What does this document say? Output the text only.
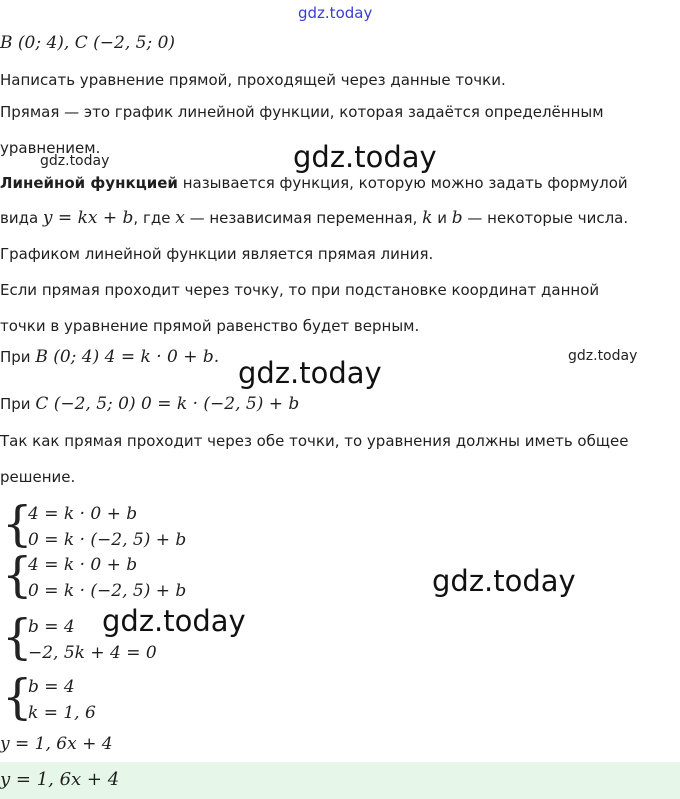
gdz.today
gdz.today	gdz.today
gdz.today
gdz.today
gdz.today
gdz.today
B (0; 4), C (−2, 5; 0)
Написать уравнение прямой, проходящей через данные точки.
Прямая — это график линейной функции, которая задаётся определённым
уравнением.
Линейной функцией называется функция, которую можно задать формулой
вида y = kx + b, где x — независимая переменная, k и b — некоторые числа.
Графиком линейной функции является прямая линия.
Если прямая проходит через точку, то при подстановке координат данной
точки в уравнение прямой равенство будет верным.
При B (0; 4) 4 = k · 0 + b.
При C (−2, 5; 0) 0 = k · (−2, 5) + b
Так как прямая проходит через обе точки, то уравнения должны иметь общее
решение.
{
4 = k · 0 + b
0 = k · (−2, 5) + b
{
4 = k · 0 + b
0 = k · (−2, 5) + b
{
b = 4
−2, 5k + 4 = 0
{
b = 4
k = 1, 6
y = 1, 6x + 4
y = 1, 6x + 4
